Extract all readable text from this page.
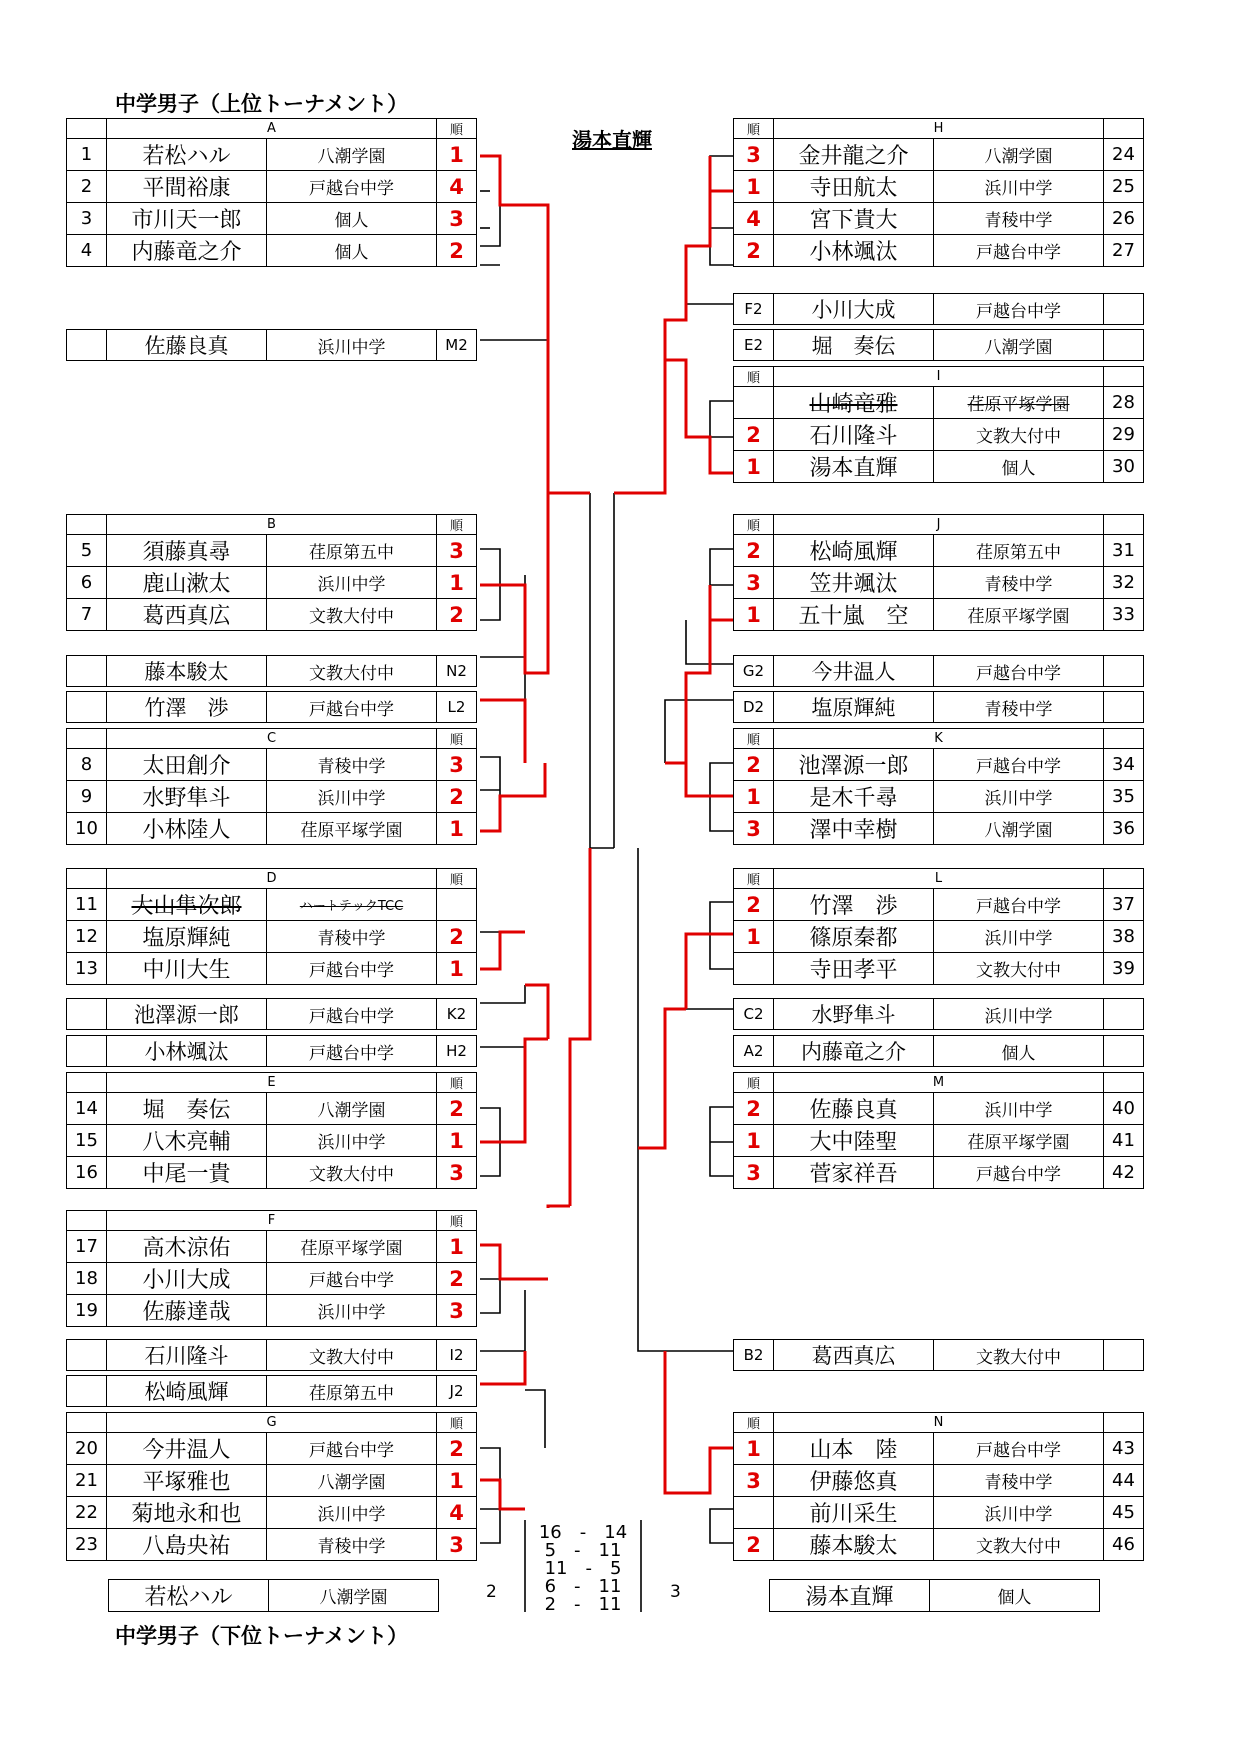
中学男子（上位トーナメント）
湯本直輝
中学男子（下位トーナメント）
	A		順
1	若松ハル	八潮学園	1
2	平間裕康	戸越台中学	4
3	市川天一郎	個人	3
4	内藤竜之介	個人	2
	佐藤良真	浜川中学	M2
	B		順
5	須藤真尋	荏原第五中	3
6	鹿山漱太	浜川中学	1
7	葛西真広	文教大付中	2
	藤本駿太	文教大付中	N2
	竹澤　渉	戸越台中学	L2
	C		順
8	太田創介	青稜中学	3
9	水野隼斗	浜川中学	2
10	小林陸人	荏原平塚学園	1
	D		順
11	大山隼次郎	ハートテックTCC	
12	塩原輝純	青稜中学	2
13	中川大生	戸越台中学	1
	池澤源一郎	戸越台中学	K2
	小林颯汰	戸越台中学	H2
	E		順
14	堀　奏伝	八潮学園	2
15	八木亮輔	浜川中学	1
16	中尾一貴	文教大付中	3
	F		順
17	高木涼佑	荏原平塚学園	1
18	小川大成	戸越台中学	2
19	佐藤達哉	浜川中学	3
	石川隆斗	文教大付中	I2
	松崎風輝	荏原第五中	J2
	G		順
20	今井温人	戸越台中学	2
21	平塚雅也	八潮学園	1
22	菊地永和也	浜川中学	4
23	八島央祐	青稜中学	3
若松ハル	八潮学園
順	H		
3	金井龍之介	八潮学園	24
1	寺田航太	浜川中学	25
4	宮下貴大	青稜中学	26
2	小林颯汰	戸越台中学	27
F2	小川大成	戸越台中学	
E2	堀　奏伝	八潮学園	
順	I		
	山崎竜雅	荏原平塚学園	28
2	石川隆斗	文教大付中	29
1	湯本直輝	個人	30
順	J		
2	松崎風輝	荏原第五中	31
3	笠井颯汰	青稜中学	32
1	五十嵐　空	荏原平塚学園	33
G2	今井温人	戸越台中学	
D2	塩原輝純	青稜中学	
順	K		
2	池澤源一郎	戸越台中学	34
1	是木千尋	浜川中学	35
3	澤中幸樹	八潮学園	36
順	L		
2	竹澤　渉	戸越台中学	37
1	篠原秦都	浜川中学	38
	寺田孝平	文教大付中	39
C2	水野隼斗	浜川中学	
A2	内藤竜之介	個人	
順	M		
2	佐藤良真	浜川中学	40
1	大中陸聖	荏原平塚学園	41
3	菅家祥吾	戸越台中学	42
B2	葛西真広	文教大付中	
順	N		
1	山本　陸	戸越台中学	43
3	伊藤悠真	青稜中学	44
	前川采生	浜川中学	45
2	藤本駿太	文教大付中	46
湯本直輝	個人
2	3
16　-　14
5　-　11
11　-　5
6　-　11
2　-　11
